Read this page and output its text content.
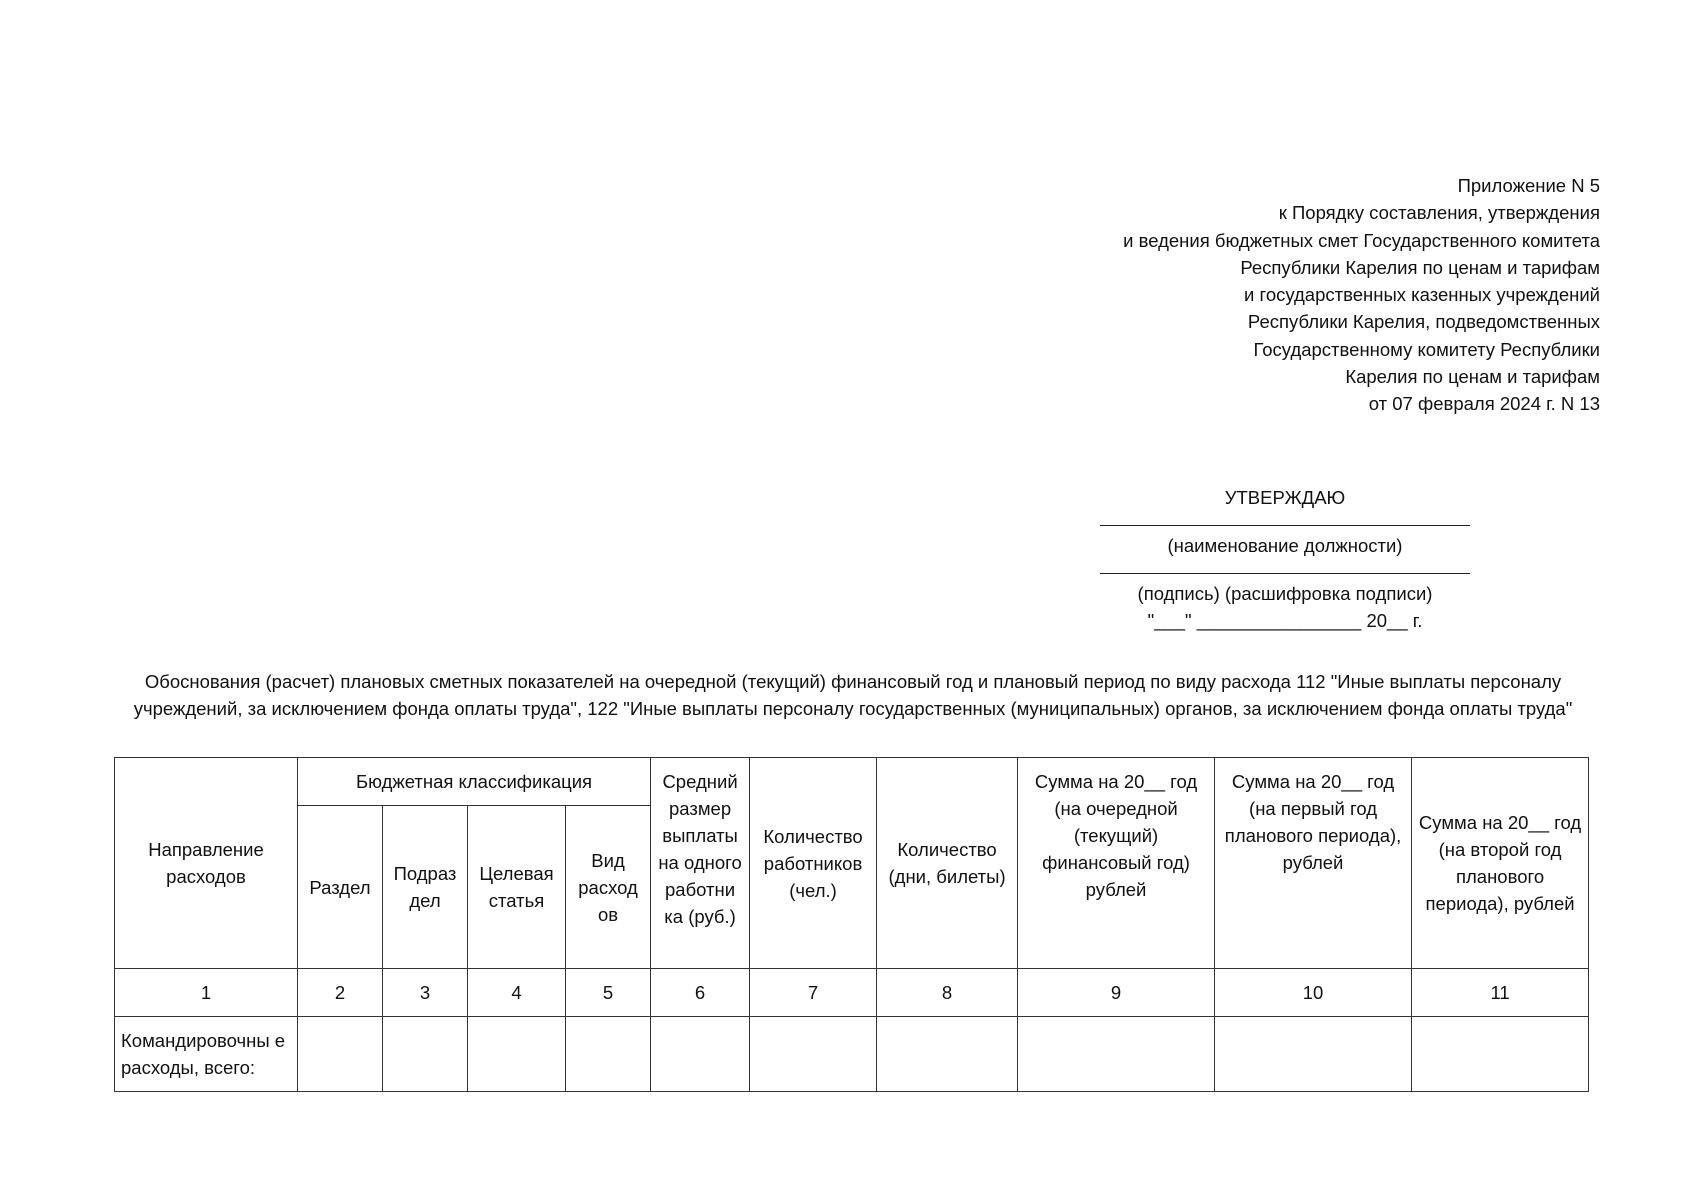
Приложение N 5
к Порядку составления, утверждения
и ведения бюджетных смет Государственного комитета
Республики Карелия по ценам и тарифам
и государственных казенных учреждений
Республики Карелия, подведомственных
Государственному комитету Республики
Карелия по ценам и тарифам
от 07 февраля 2024 г. N 13
УТВЕРЖДАЮ
(наименование должности)
(подпись) (расшифровка подписи)
"___" ________________ 20__ г.
Обоснования (расчет) плановых сметных показателей на очередной (текущий) финансовый год и плановый период по виду расхода 112 "Иные выплаты персоналу учреждений, за исключением фонда оплаты труда", 122 "Иные выплаты персоналу государственных (муниципальных) органов, за исключением фонда оплаты труда"
Направление расходов	Бюджетная классификация				Средний размер выплаты на одного работни ка (руб.)	Количество работников (чел.)	Количество (дни, билеты)	Сумма на 20__ год (на очередной (текущий) финансовый год) рублей	Сумма на 20__ год (на первый год планового периода), рублей	Сумма на 20__ год (на второй год планового периода), рублей
	Раздел	Подраз дел	Целевая статья	Вид расход ов						
1	2	3	4	5	6	7	8	9	10	11
Командировочны е расходы, всего:										
